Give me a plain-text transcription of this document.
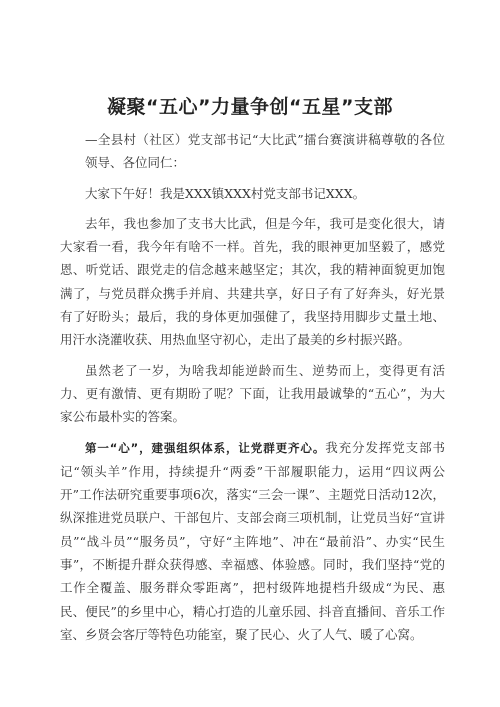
凝聚“五心”力量争创“五星”支部

—全县村（社区）党支部书记“大比武”擂台赛演讲稿尊敬的各位领导、各位同仁：

大家下午好！我是XXX镇XXX村党支部书记XXX。

去年，我也参加了支书大比武，但是今年，我可是变化很大，请大家看一看，我今年有啥不一样。首先，我的眼神更加坚毅了，感党恩、听党话、跟党走的信念越来越坚定；其次，我的精神面貌更加饱满了，与党员群众携手并肩、共建共享，好日子有了好奔头，好光景有了好盼头；最后，我的身体更加强健了，我坚持用脚步丈量土地、用汗水浇灌收获、用热血坚守初心，走出了最美的乡村振兴路。

虽然老了一岁，为啥我却能逆龄而生、逆势而上，变得更有活力、更有激情、更有期盼了呢？下面，让我用最诚挚的“五心”，为大家公布最朴实的答案。

第一“心”，建强组织体系，让党群更齐心。我充分发挥党支部书记“领头羊”作用，持续提升“两委”干部履职能力，运用“四议两公开”工作法研究重要事项6次，落实“三会一课”、主题党日活动12次，纵深推进党员联户、干部包片、支部会商三项机制，让党员当好“宣讲员”“战斗员”“服务员”，守好“主阵地”、冲在“最前沿”、办实“民生事”，不断提升群众获得感、幸福感、体验感。同时，我们坚持“党的工作全覆盖、服务群众零距离”，把村级阵地提档升级成“为民、惠民、便民”的乡里中心，精心打造的儿童乐园、抖音直播间、音乐工作室、乡贤会客厅等特色功能室，聚了民心、火了人气、暖了心窝。
